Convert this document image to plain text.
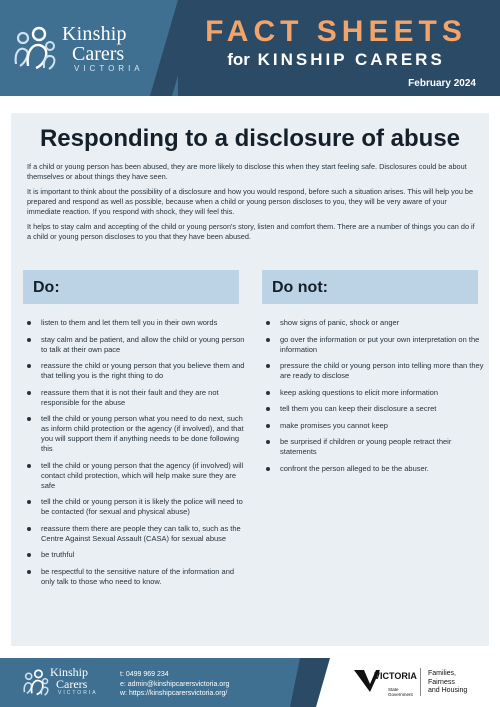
Kinship
Carers
VICTORIA
FACT SHEETS
for KINSHIP CARERS
February 2024
Responding to a disclosure of abuse

If a child or young person has been abused, they are more likely to disclose this when they start feeling safe. Disclosures could be about themselves or about things they have seen.

It is important to think about the possibility of a disclosure and how you would respond, before such a situation arises. This will help you be prepared and respond as well as possible, because when a child or young person discloses to you, they will be very aware of your immediate reaction. If you respond with shock, they will feel this.

It helps to stay calm and accepting of the child or young person's story, listen and comfort them. There are a number of things you can do if a child or young person discloses to you that they have been abused.

Do:	Do not:
listen to them and let them tell you in their own words
stay calm and be patient, and allow the child or young person to talk at their own pace
reassure the child or young person that you believe them and that telling you is the right thing to do
reassure them that it is not their fault and they are not responsible for the abuse
tell the child or young person what you need to do next, such as inform child protection or the agency (if involved), and that you will support them if anything needs to be done following this
tell the child or young person that the agency (if involved) will contact child protection, which will help make sure they are safe
tell the child or young person it is likely the police will need to be contacted (for sexual and physical abuse)
reassure them there are people they can talk to, such as the Centre Against Sexual Assault (CASA) for sexual abuse
be truthful
be respectful to the sensitive nature of the information and only talk to those who need to know.
show signs of panic, shock or anger
go over the information or put your own interpretation on the information
pressure the child or young person into telling more than they are ready to disclose
keep asking questions to elicit more information
tell them you can keep their disclosure a secret
make promises you cannot keep
be surprised if children or young people retract their statements
confront the person alleged to be the abuser.
Kinship
Carers
VICTORIA
t: 0499 969 234
e: admin@kinshipcarersvictoria.org
w: https://kinshipcarersvictoria.org/
VICTORIA
State
Government
Families,
Fairness
and Housing
